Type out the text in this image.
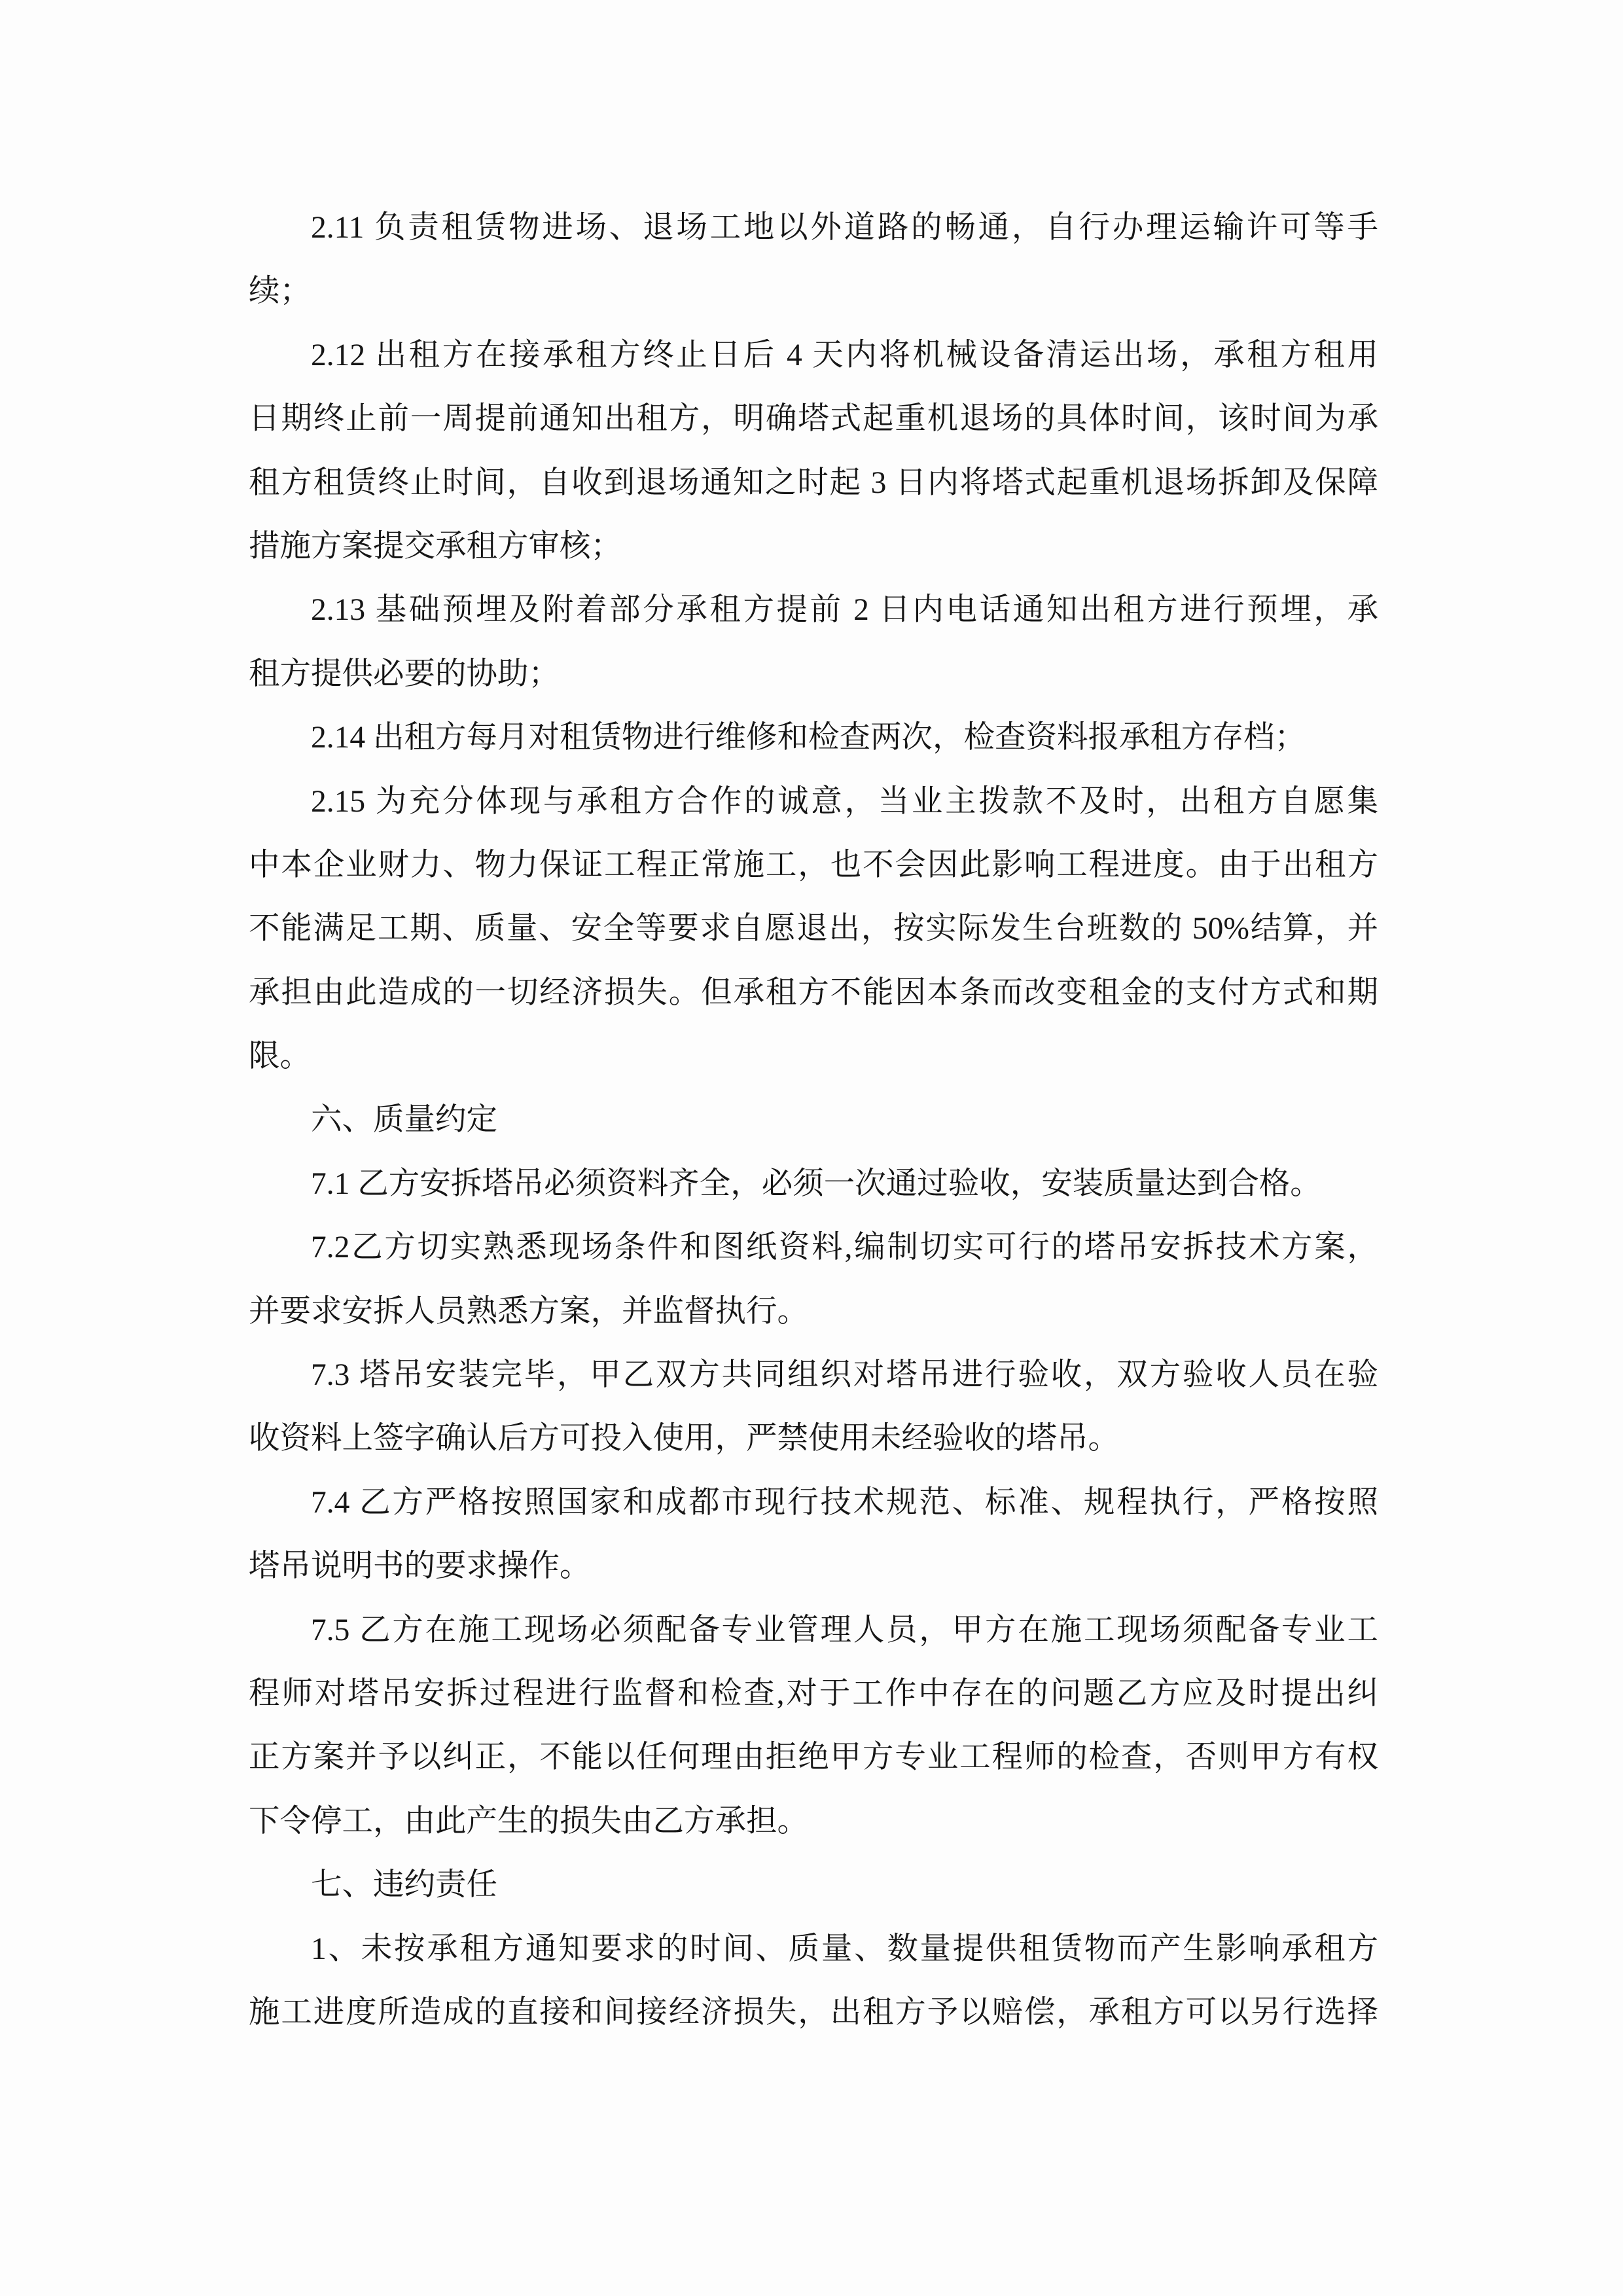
2.11 负责租赁物进场、退场工地以外道路的畅通，自行办理运输许可等手
续；
2.12 出租方在接承租方终止日后 4 天内将机械设备清运出场，承租方租用
日期终止前一周提前通知出租方，明确塔式起重机退场的具体时间，该时间为承
租方租赁终止时间，自收到退场通知之时起 3 日内将塔式起重机退场拆卸及保障
措施方案提交承租方审核；
2.13 基础预埋及附着部分承租方提前 2 日内电话通知出租方进行预埋，承
租方提供必要的协助；
2.14 出租方每月对租赁物进行维修和检查两次，检查资料报承租方存档；
2.15 为充分体现与承租方合作的诚意，当业主拨款不及时，出租方自愿集
中本企业财力、物力保证工程正常施工，也不会因此影响工程进度。由于出租方
不能满足工期、质量、安全等要求自愿退出，按实际发生台班数的 50%结算，并
承担由此造成的一切经济损失。但承租方不能因本条而改变租金的支付方式和期
限。
六、质量约定
7.1 乙方安拆塔吊必须资料齐全，必须一次通过验收，安装质量达到合格。
7.2乙方切实熟悉现场条件和图纸资料,编制切实可行的塔吊安拆技术方案，
并要求安拆人员熟悉方案，并监督执行。
7.3 塔吊安装完毕，甲乙双方共同组织对塔吊进行验收，双方验收人员在验
收资料上签字确认后方可投入使用，严禁使用未经验收的塔吊。
7.4 乙方严格按照国家和成都市现行技术规范、标准、规程执行，严格按照
塔吊说明书的要求操作。
7.5 乙方在施工现场必须配备专业管理人员，甲方在施工现场须配备专业工
程师对塔吊安拆过程进行监督和检查,对于工作中存在的问题乙方应及时提出纠
正方案并予以纠正，不能以任何理由拒绝甲方专业工程师的检查，否则甲方有权
下令停工，由此产生的损失由乙方承担。
七、违约责任
1、未按承租方通知要求的时间、质量、数量提供租赁物而产生影响承租方
施工进度所造成的直接和间接经济损失，出租方予以赔偿，承租方可以另行选择
